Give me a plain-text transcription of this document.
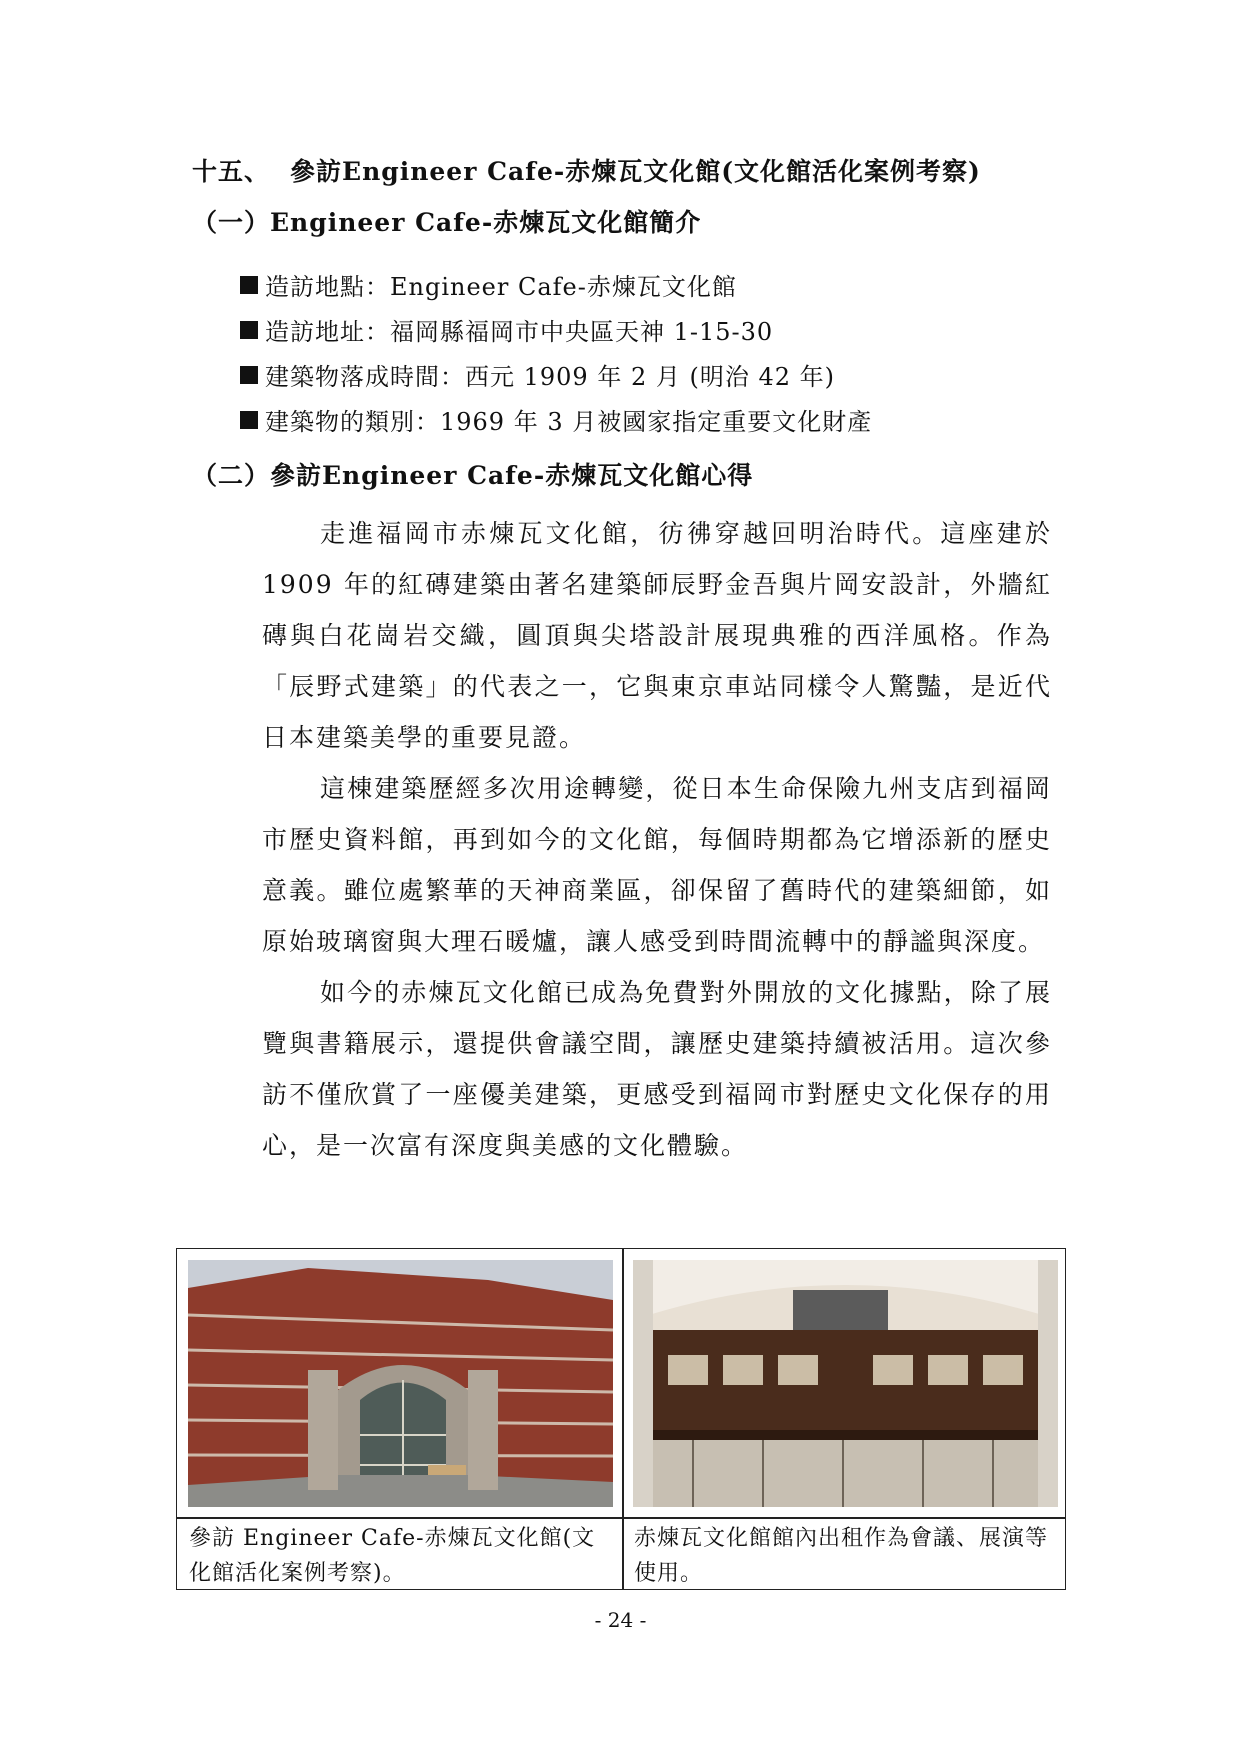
十五、 參訪Engineer Cafe-赤煉瓦文化館(文化館活化案例考察)
（一）Engineer Cafe-赤煉瓦文化館簡介
造訪地點：Engineer Cafe-赤煉瓦文化館
造訪地址：福岡縣福岡市中央區天神 1-15-30
建築物落成時間：西元 1909 年 2 月 (明治 42 年)
建築物的類別：1969 年 3 月被國家指定重要文化財產
（二）參訪Engineer Cafe-赤煉瓦文化館心得

走進福岡市赤煉瓦文化館，彷彿穿越回明治時代。這座建於 1909 年的紅磚建築由著名建築師辰野金吾與片岡安設計，外牆紅磚與白花崗岩交織，圓頂與尖塔設計展現典雅的西洋風格。作為「辰野式建築」的代表之一，它與東京車站同樣令人驚豔，是近代日本建築美學的重要見證。

這棟建築歷經多次用途轉變，從日本生命保險九州支店到福岡市歷史資料館，再到如今的文化館，每個時期都為它增添新的歷史意義。雖位處繁華的天神商業區，卻保留了舊時代的建築細節，如原始玻璃窗與大理石暖爐，讓人感受到時間流轉中的靜謐與深度。

如今的赤煉瓦文化館已成為免費對外開放的文化據點，除了展覽與書籍展示，還提供會議空間，讓歷史建築持續被活用。這次參訪不僅欣賞了一座優美建築，更感受到福岡市對歷史文化保存的用心，是一次富有深度與美感的文化體驗。

參訪 Engineer Cafe-赤煉瓦文化館(文化館活化案例考察)。
赤煉瓦文化館館內出租作為會議、展演等使用。
- 24 -
